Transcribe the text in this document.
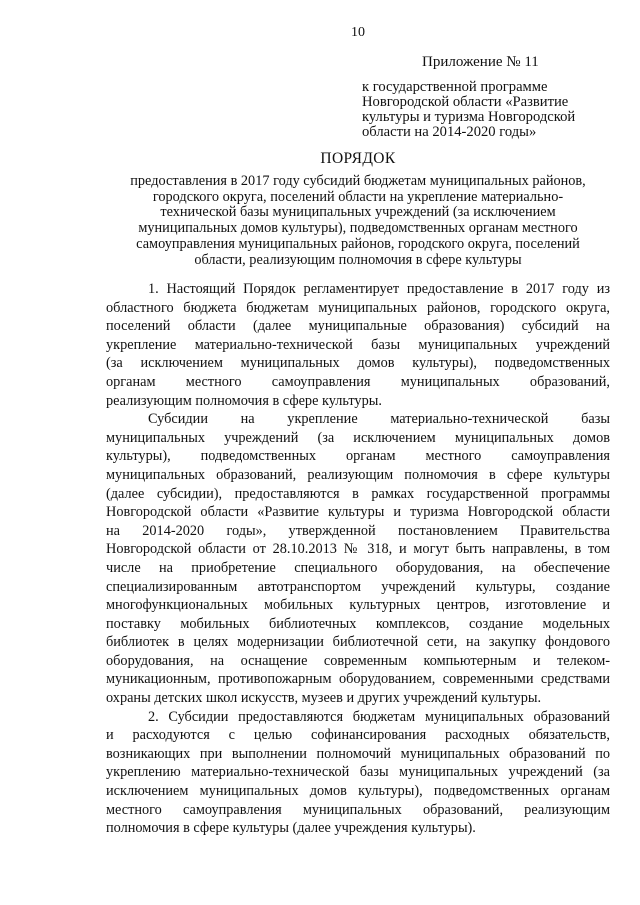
10
Приложение № 11
к государственной программе
Новгородской области «Развитие
культуры и туризма Новгородской
области на 2014-2020 годы»
ПОРЯДОК
предоставления в 2017 году субсидий бюджетам муниципальных районов,
городского округа, поселений области на укрепление материально-
технической базы муниципальных учреждений (за исключением
муниципальных домов культуры), подведомственных органам местного
самоуправления муниципальных районов, городского округа, поселений
области, реализующим полномочия в сфере культуры
1. Настоящий Порядок регламентирует предоставление в 2017 году из
областного бюджета бюджетам муниципальных районов, городского округа,
поселений области (далее муниципальные образования) субсидий на
укрепление материально-технической базы муниципальных учреждений
(за исключением муниципальных домов культуры), подведомственных
органам местного самоуправления муниципальных образований,
реализующим полномочия в сфере культуры.
Субсидии на укрепление материально-технической базы
муниципальных учреждений (за исключением муниципальных домов
культуры), подведомственных органам местного самоуправления
муниципальных образований, реализующим полномочия в сфере культуры
(далее субсидии), предоставляются в рамках государственной программы
Новгородской области «Развитие культуры и туризма Новгородской области
на 2014-2020 годы», утвержденной постановлением Правительства
Новгородской области от 28.10.2013 № 318, и могут быть направлены, в том
числе на приобретение специального оборудования, на обеспечение
специализированным автотранспортом учреждений культуры, создание
многофункциональных мобильных культурных центров, изготовление и
поставку мобильных библиотечных комплексов, создание модельных
библиотек в целях модернизации библиотечной сети, на закупку фондового
оборудования, на оснащение современным компьютерным и телеком-
муникационным, противопожарным оборудованием, современными средствами
охраны детских школ искусств, музеев и других учреждений культуры.
2. Субсидии предоставляются бюджетам муниципальных образований
и расходуются с целью софинансирования расходных обязательств,
возникающих при выполнении полномочий муниципальных образований по
укреплению материально-технической базы муниципальных учреждений (за
исключением муниципальных домов культуры), подведомственных органам
местного самоуправления муниципальных образований, реализующим
полномочия в сфере культуры (далее учреждения культуры).
